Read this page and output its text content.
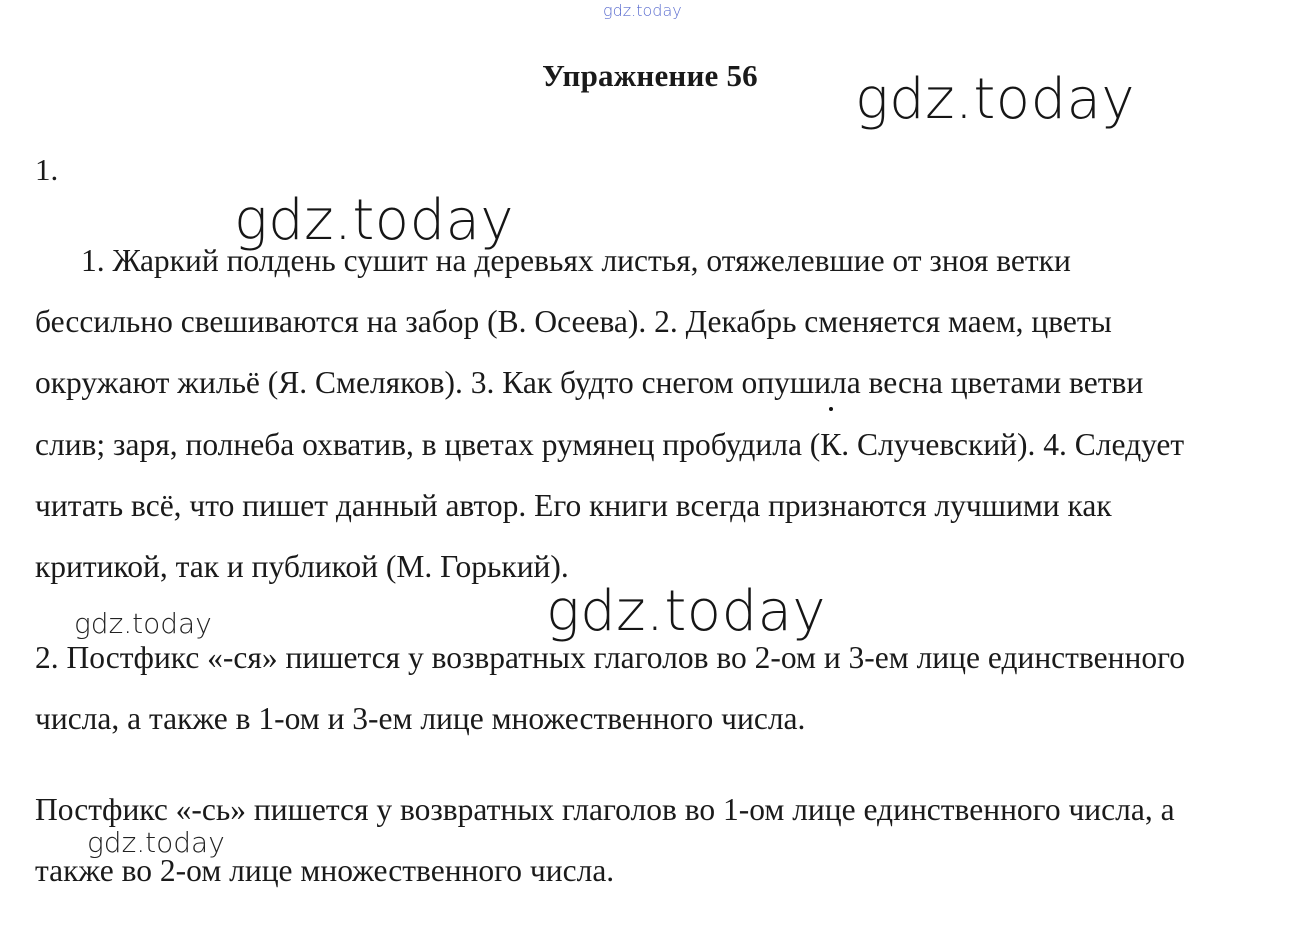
gdz.today
Упражнение 56	gdz.today
1.

1. Жаркий полдень сушит на деревьях листья, отяжелевшие от зноя ветки бессильно свешиваются на забор (В. Осеева). 2. Декабрь сменяется маем, цветы окружают жильё (Я. Смеляков). 3. Как будто снегом опушила весна цветами ветви слив; заря, полнеба охватив, в цветах румянец пробудила (К. Случевский). 4. Следует читать всё, что пишет данный автор. Его книги всегда признаются лучшими как критикой, так и публикой (М. Горький).

gdz.today
gdz.today
gdz.today

2. Постфикс «-ся» пишется у возвратных глаголов во 2-ом и 3-ем лице единственного числа, а также в 1-ом и 3-ем лице множественного числа.

Постфикс «-сь» пишется у возвратных глаголов во 1-ом лице единственного числа, а также во 2-ом лице множественного числа.

gdz.today
